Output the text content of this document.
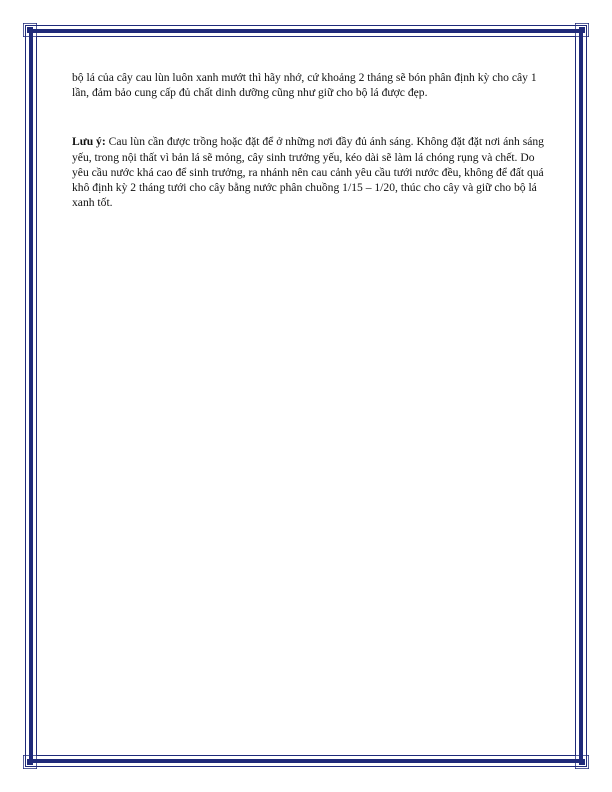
bộ lá của cây cau lùn luôn xanh mướt thì hãy nhớ, cứ khoảng 2 tháng sẽ bón phân định kỳ cho cây 1 lần, đảm bảo cung cấp đủ chất dinh dưỡng cũng như giữ cho bộ lá được đẹp.

Lưu ý: Cau lùn cần được trồng hoặc đặt để ở những nơi đầy đủ ánh sáng. Không đặt đặt nơi ánh sáng yếu, trong nội thất vì bản lá sẽ mỏng, cây sinh trưởng yếu, kéo dài sẽ làm lá chóng rụng và chết. Do yêu cầu nước khá cao để sinh trưởng, ra nhánh nên cau cảnh yêu cầu tưới nước đều, không để đất quá khô định kỳ 2 tháng tưới cho cây bằng nước phân chuồng 1/15 – 1/20, thúc cho cây và giữ cho bộ lá xanh tốt.
